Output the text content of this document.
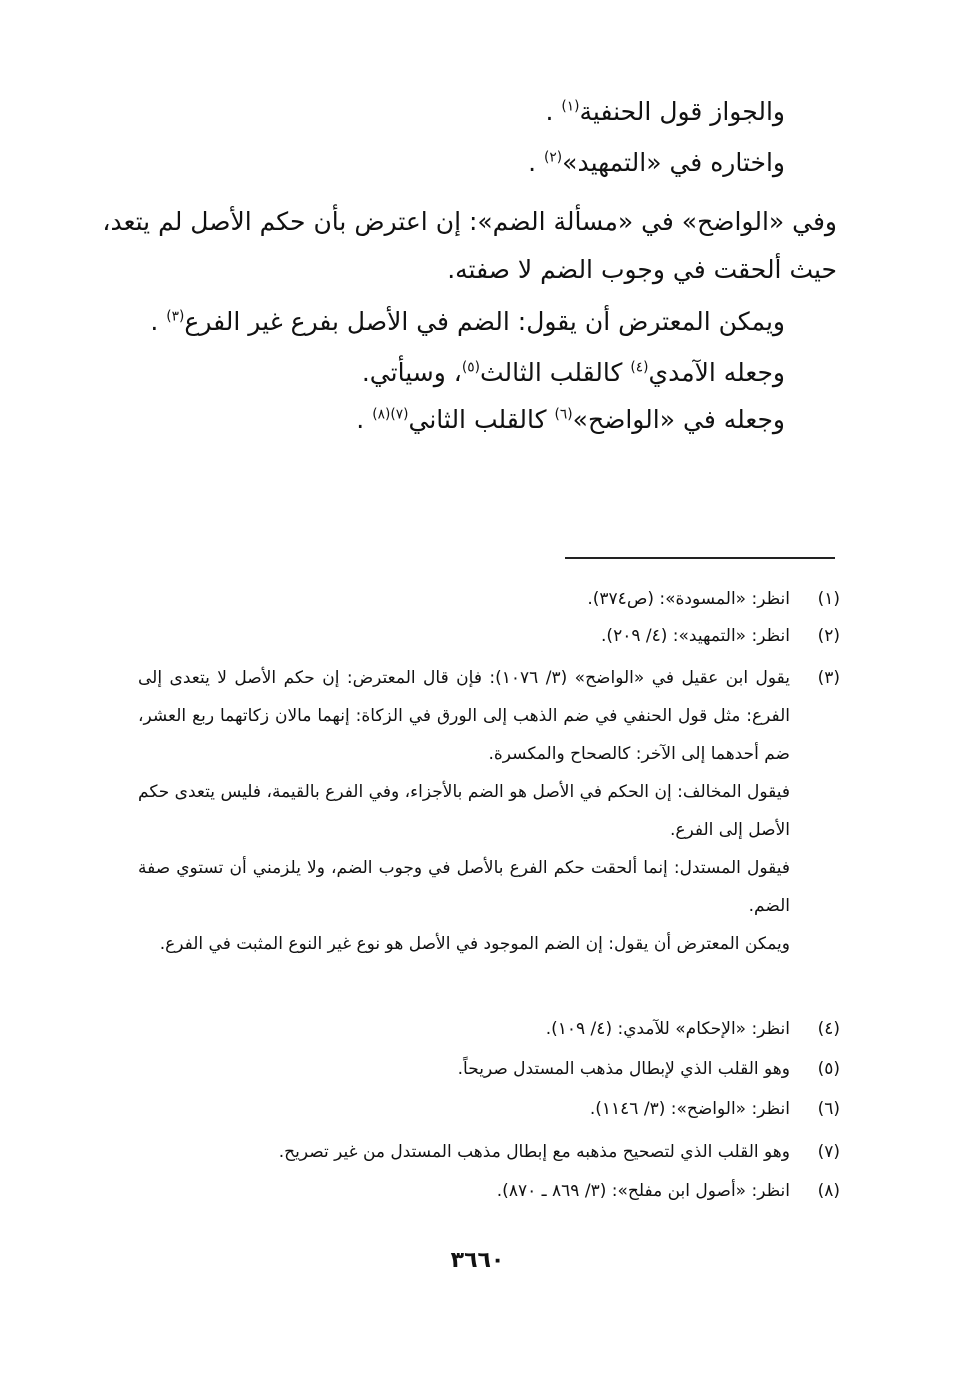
والجواز قول الحنفية$^{(١)}$ .
واختاره في «التمهيد»$^{(٢)}$ .
وفي «الواضح» في «مسألة الضم»: إن اعترض بأن حكم الأصل لم يتعد،
حيث ألحقت في وجوب الضم لا صفته.
ويمكن المعترض أن يقول: الضم في الأصل بفرع غير الفرع$^{(٣)}$ .
وجعله الآمدي$^{(٤)}$ كالقلب الثالث$^{(٥)}$، وسيأتي.
وجعله في «الواضح»$^{(٦)}$ كالقلب الثاني$^{(٧)(٨)}$ .
(١)
انظر: «المسودة»: (ص٣٧٤).
(٢)
انظر: «التمهيد»: (٤/ ٢٠٩).
(٣)
يقول ابن عقيل في «الواضح» (٣/ ١٠٧٦): فإن قال المعترض: إن حكم الأصل لا يتعدى إلى الفرع: مثل قول الحنفي في ضم الذهب إلى الورق في الزكاة: إنهما مالان زكاتهما ربع العشر، ضم أحدهما إلى الآخر: كالصحاح والمكسرة.
فيقول المخالف: إن الحكم في الأصل هو الضم بالأجزاء، وفي الفرع بالقيمة، فليس يتعدى حكم الأصل إلى الفرع.
فيقول المستدل: إنما ألحقت حكم الفرع بالأصل في وجوب الضم، ولا يلزمني أن تستوي صفة الضم.
ويمكن المعترض أن يقول: إن الضم الموجود في الأصل هو نوع غير النوع المثبت في الفرع.
(٤)
انظر: «الإحكام» للآمدي: (٤/ ١٠٩).
(٥)
وهو القلب الذي لإبطال مذهب المستدل صريحاً.
(٦)
انظر: «الواضح»: (٣/ ١١٤٦).
(٧)
وهو القلب الذي لتصحيح مذهبه مع إبطال مذهب المستدل من غير تصريح.
(٨)
انظر: «أصول ابن مفلح»: (٣/ ٨٦٩ ـ ٨٧٠).
٣٦٦٠
